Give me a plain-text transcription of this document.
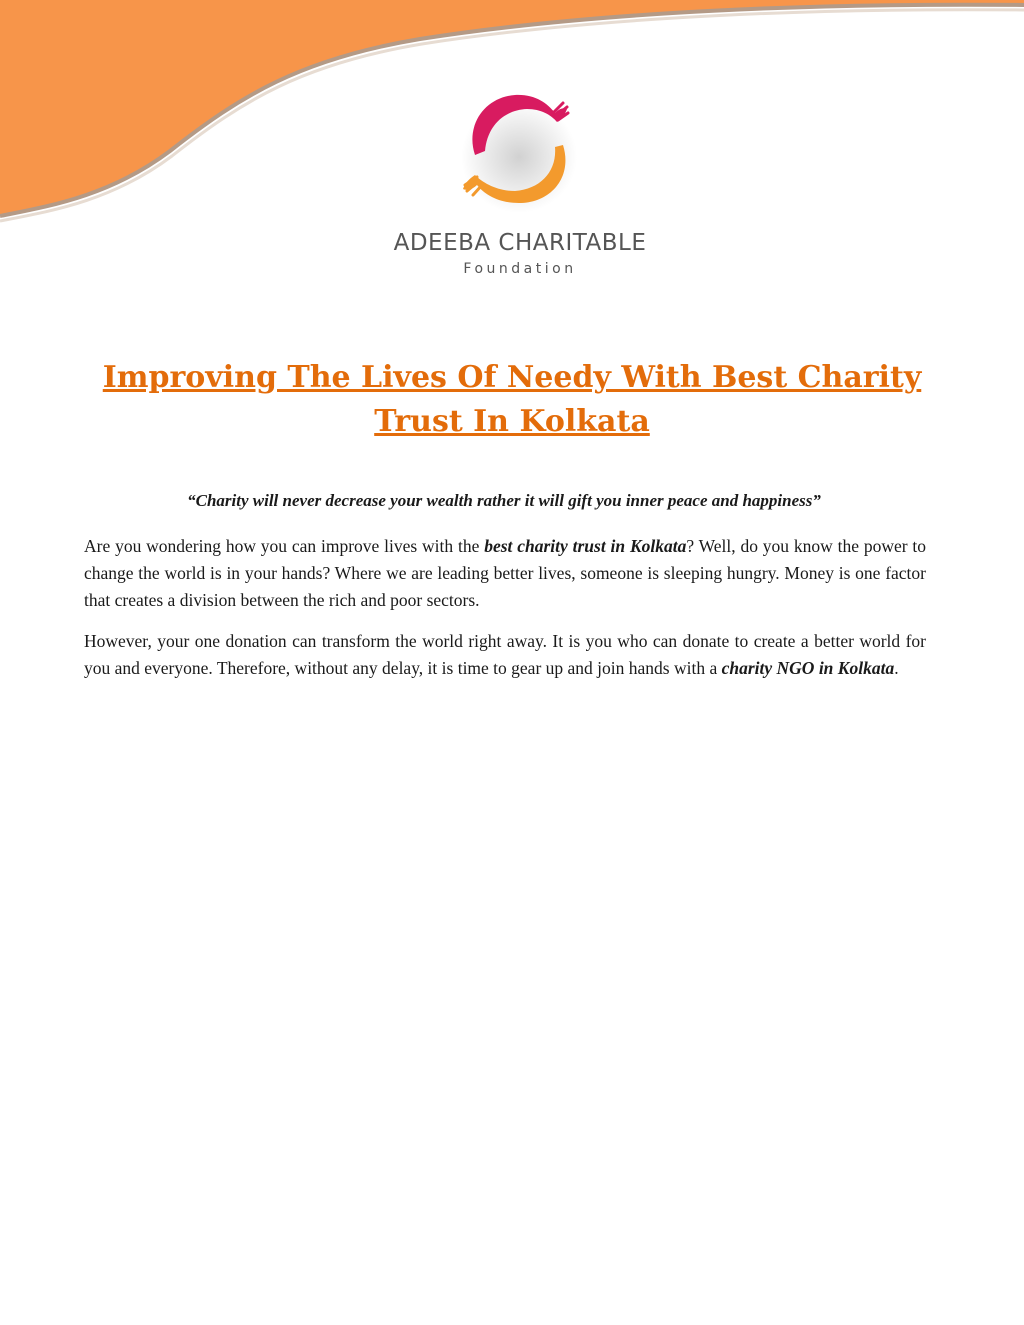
ADEEBA CHARITABLE
Foundation
Improving The Lives Of Needy With Best Charity
Trust In Kolkata
“Charity will never decrease your wealth rather it will gift you inner peace and happiness”

Are you wondering how you can improve lives with the best charity trust in Kolkata? Well, do you know the power to change the world is in your hands? Where we are leading better lives, someone is sleeping hungry. Money is one factor that creates a division between the rich and poor sectors.

However, your one donation can transform the world right away. It is you who can donate to create a better world for you and everyone. Therefore, without any delay, it is time to gear up and join hands with a charity NGO in Kolkata.
